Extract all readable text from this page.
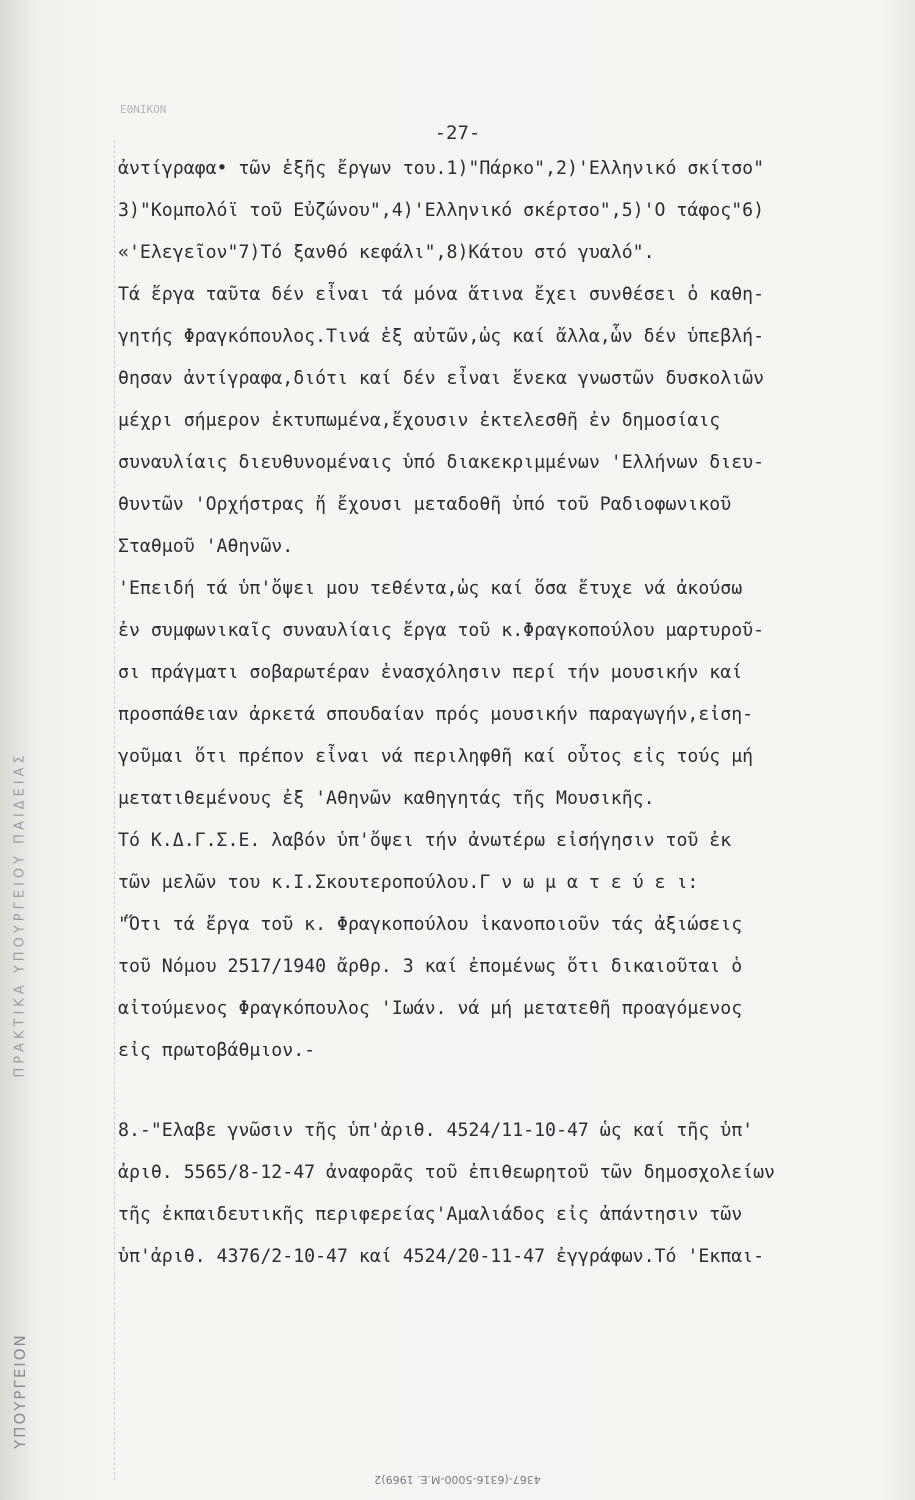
ΠΡΑΚΤΙΚΑ ΥΠΟΥΡΓΕΙΟΥ ΠΑΙΔΕΙΑΣ
ΥΠΟΥΡΓΕΙΟΝ
ΕΘΝΙΚΟΝ
-27-
ἀντίγραφα• τῶν ἑξῆς ἔργων του.1)"Πάρκο",2)'Ελληνικό σκίτσο"
3)"Κομπολόϊ τοῦ Εὐζώνου",4)'Ελληνικό σκέρτσο",5)'Ο τάφος"6)
«'Ελεγεῖον"7)Τό ξανθό κεφάλι",8)Κάτου στό γυαλό".
Τά ἔργα ταῦτα δέν εἶναι τά μόνα ἅτινα ἔχει συνθέσει ὁ καθη-
γητής Φραγκόπουλος.Τινά ἐξ αὐτῶν,ὡς καί ἄλλα,ὧν δέν ὑπεβλή-
θησαν ἀντίγραφα,διότι καί δέν εἶναι ἕνεκα γνωστῶν δυσκολιῶν
μέχρι σήμερον ἐκτυπωμένα,ἔχουσιν ἐκτελεσθῆ ἐν δημοσίαις
συναυλίαις διευθυνομέναις ὑπό διακεκριμμένων 'Ελλήνων διευ-
θυντῶν 'Ορχήστρας ἤ ἔχουσι μεταδοθῆ ὑπό τοῦ Ραδιοφωνικοῦ
Σταθμοῦ 'Αθηνῶν.
'Επειδή τά ὑπ'ὄψει μου τεθέντα,ὡς καί ὅσα ἔτυχε νά ἀκούσω
ἐν συμφωνικαῖς συναυλίαις ἔργα τοῦ κ.Φραγκοπούλου μαρτυροῦ-
σι πράγματι σοβαρωτέραν ἐνασχόλησιν περί τήν μουσικήν καί
προσπάθειαν ἀρκετά σπουδαίαν πρός μουσικήν παραγωγήν,εἰση-
γοῦμαι ὅτι πρέπον εἶναι νά περιληφθῆ καί οὗτος εἰς τούς μή
μετατιθεμένους ἐξ 'Αθηνῶν καθηγητάς τῆς Μουσικῆς.
Τό Κ.Δ.Γ.Σ.Ε. λαβόν ὑπ'ὄψει τήν ἀνωτέρω εἰσήγησιν τοῦ ἐκ
τῶν μελῶν του κ.Ι.Σκουτεροπούλου.Γ ν ω μ α τ ε ύ ε ι:
"Ὅτι τά ἔργα τοῦ κ. Φραγκοπούλου ἱκανοποιοῦν τάς ἀξιώσεις
τοῦ Νόμου 2517/1940 ἄρθρ. 3 καί ἐπομένως ὅτι δικαιοῦται ὁ
αἰτούμενος Φραγκόπουλος 'Ιωάν. νά μή μετατεθῆ προαγόμενος
εἰς πρωτοβάθμιον.-
8.-"Ελαβε γνῶσιν τῆς ὑπ'ἀριθ. 4524/11-10-47 ὡς καί τῆς ὑπ'
ἀριθ. 5565/8-12-47 ἀναφορᾶς τοῦ ἐπιθεωρητοῦ τῶν δημοσχολείων
τῆς ἐκπαιδευτικῆς περιφερείας'Αμαλιάδος εἰς ἀπάντησιν τῶν
ὑπ'ἀριθ. 4376/2-10-47 καί 4524/20-11-47 ἐγγράφων.Τό 'Εκπαι-
4367-(6316-5000-Μ.Ε. 1969)2
